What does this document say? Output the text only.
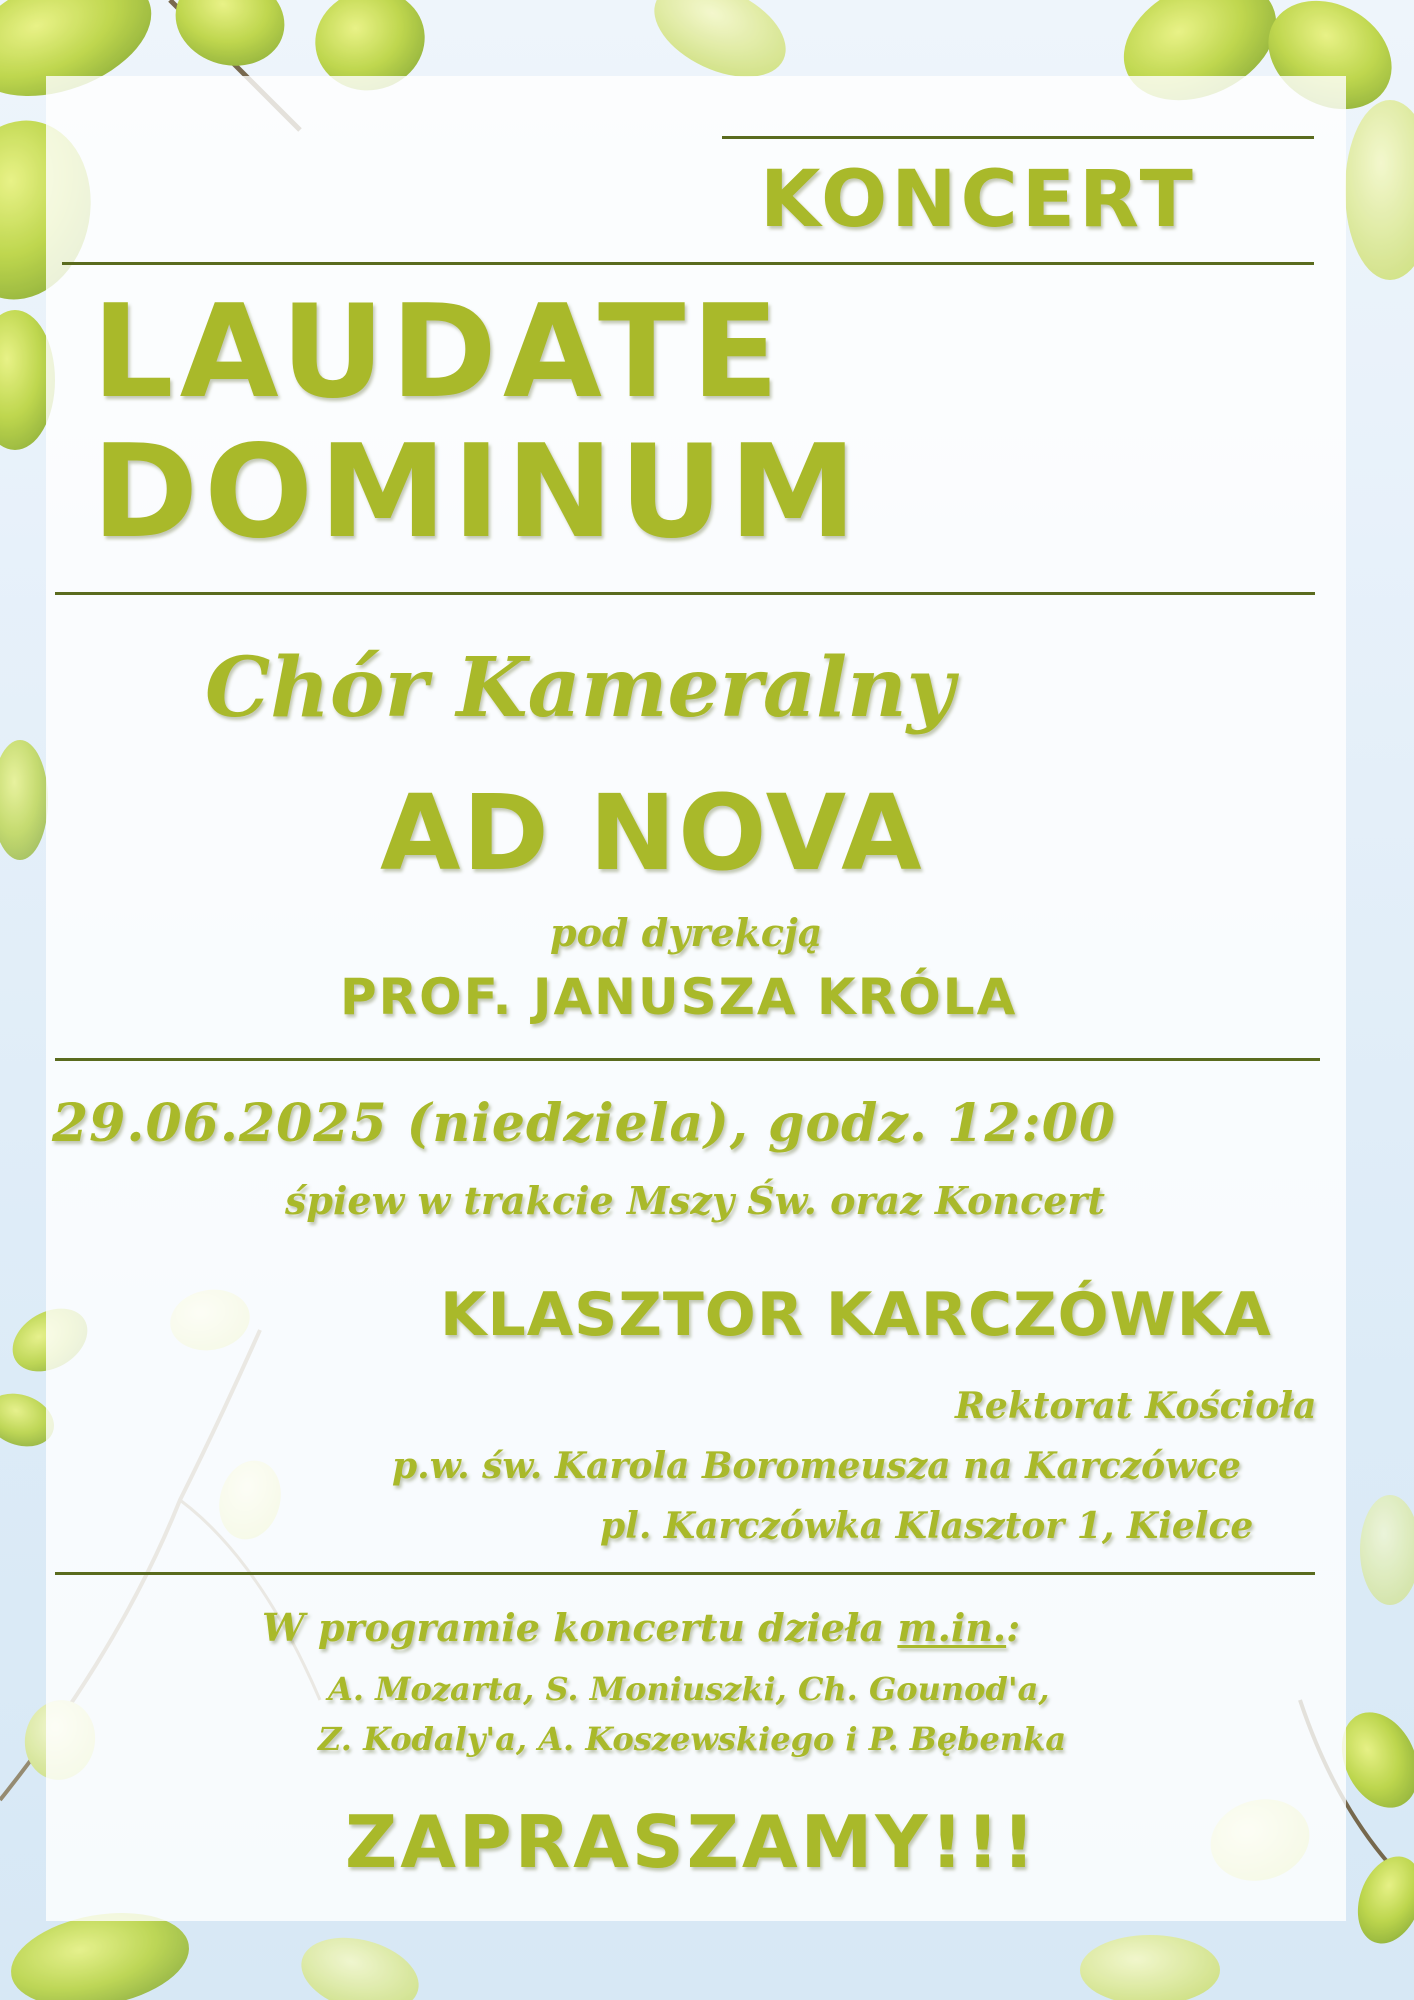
KONCERT
LAUDATE
DOMINUM
Chór Kameralny
AD NOVA
pod dyrekcją
PROF. JANUSZA KRÓLA
29.06.2025 (niedziela), godz. 12:00
śpiew w trakcie Mszy Św. oraz Koncert
KLASZTOR KARCZÓWKA
Rektorat Kościoła
p.w. św. Karola Boromeusza na Karczówce
pl. Karczówka Klasztor 1, Kielce
W programie koncertu dzieła m.in.:
A. Mozarta, S. Moniuszki, Ch. Gounod'a,
Z. Kodaly'a, A. Koszewskiego i P. Bębenka
ZAPRASZAMY!!!
